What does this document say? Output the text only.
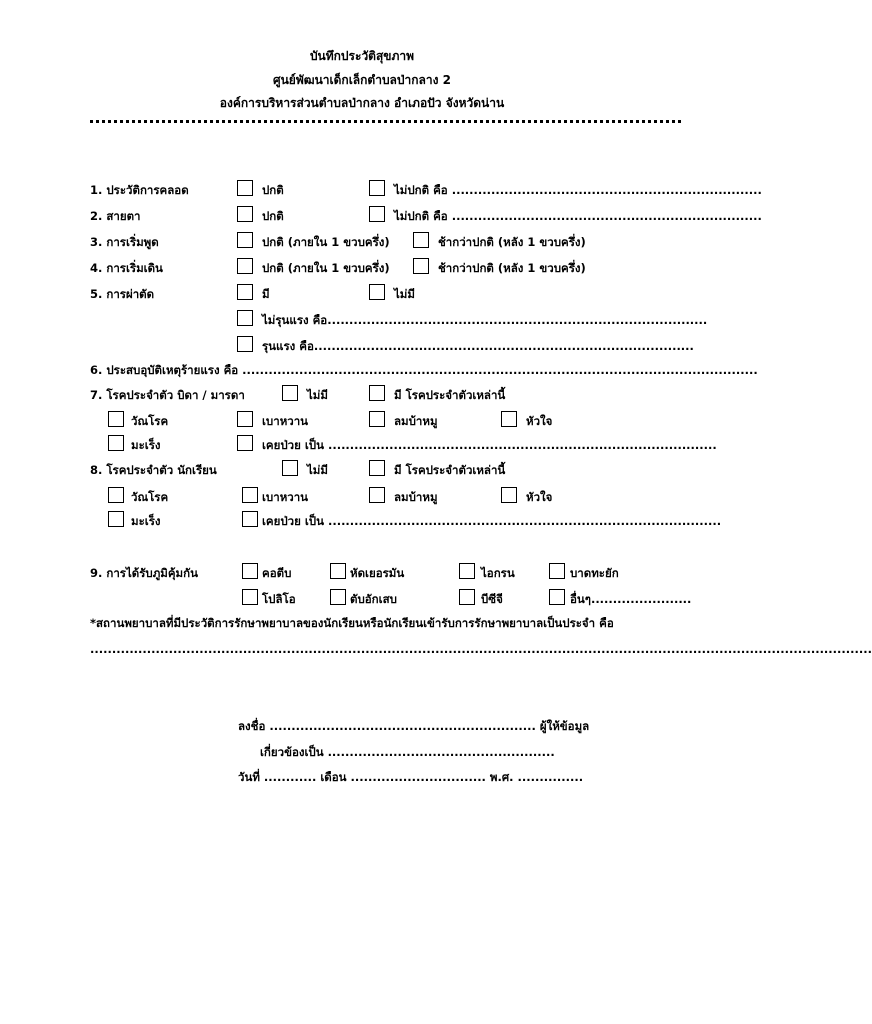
บันทึกประวัติสุขภาพ
ศูนย์พัฒนาเด็กเล็กตำบลป่ากลาง 2
องค์การบริหารส่วนตำบลป่ากลาง อำเภอปัว จังหวัดน่าน
1. ประวัติการคลอด	ปกติ	ไม่ปกติ คือ .......................................................................
2. สายตา	ปกติ	ไม่ปกติ คือ .......................................................................
3. การเริ่มพูด	ปกติ (ภายใน 1 ขวบครึ่ง)	ช้ากว่าปกติ (หลัง 1 ขวบครึ่ง)
4. การเริ่มเดิน	ปกติ (ภายใน 1 ขวบครึ่ง)	ช้ากว่าปกติ (หลัง 1 ขวบครึ่ง)
5. การผ่าตัด	มี	ไม่มี
ไม่รุนแรง คือ.......................................................................................
รุนแรง คือ.......................................................................................
6. ประสบอุบัติเหตุร้ายแรง คือ ......................................................................................................................
7. โรคประจำตัว บิดา / มารดา	ไม่มี	มี โรคประจำตัวเหล่านี้
วัณโรค	เบาหวาน	ลมบ้าหมู	หัวใจ
มะเร็ง	เคยป่วย เป็น .........................................................................................
8. โรคประจำตัว นักเรียน	ไม่มี	มี โรคประจำตัวเหล่านี้
วัณโรค	เบาหวาน	ลมบ้าหมู	หัวใจ
มะเร็ง	เคยป่วย เป็น ..........................................................................................
9. การได้รับภูมิคุ้มกัน	คอตีบ	หัดเยอรมัน	ไอกรน	บาดทะยัก
โปลิโอ	ตับอักเสบ	บีซีจี	อื่นๆ.......................
*สถานพยาบาลที่มีประวัติการรักษาพยาบาลของนักเรียนหรือนักเรียนเข้ารับการรักษาพยาบาลเป็นประจำ คือ
...................................................................................................................................................................................
ลงชื่อ ............................................................. ผู้ให้ข้อมูล
เกี่ยวข้องเป็น ....................................................
วันที่ ............ เดือน ............................... พ.ศ. ...............
